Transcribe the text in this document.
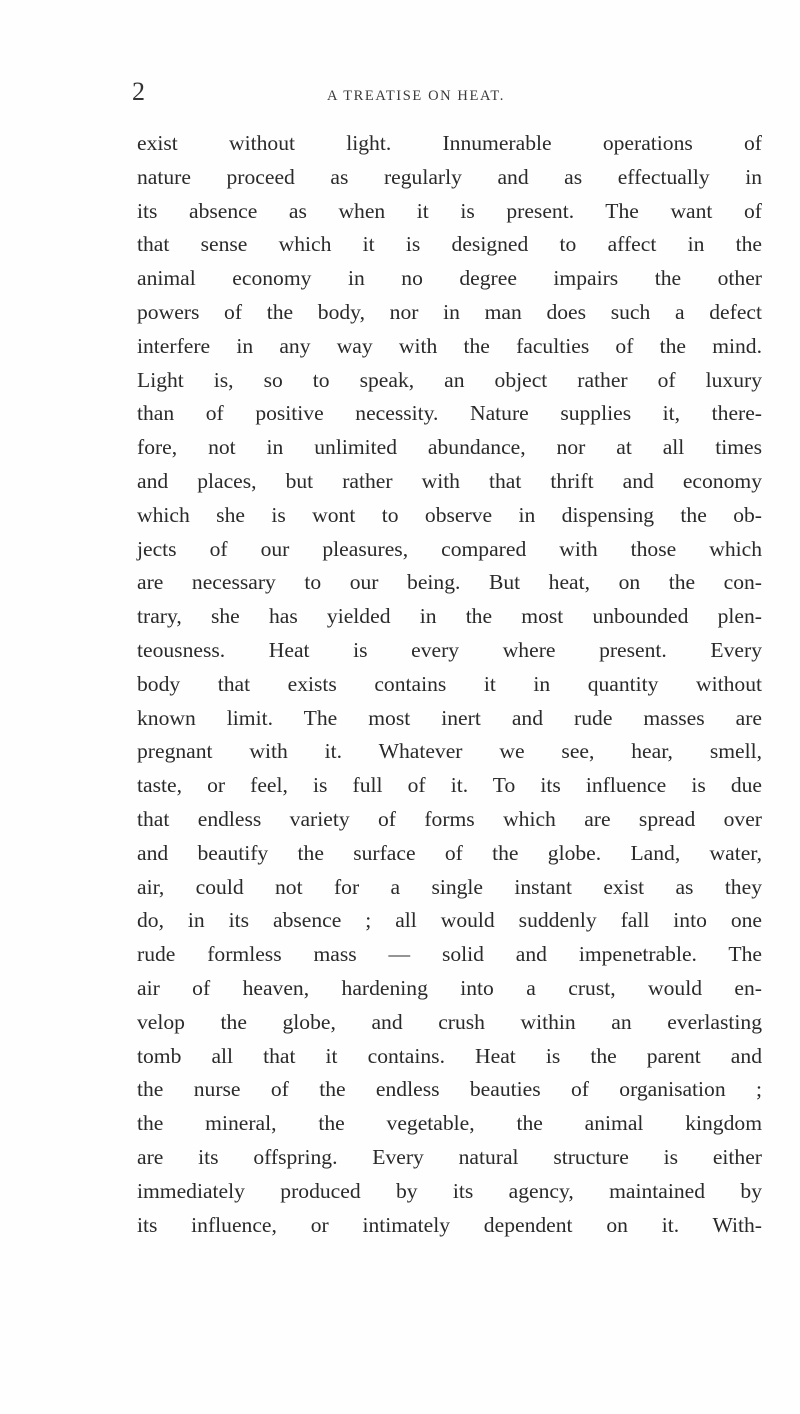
2	A TREATISE ON HEAT.
exist without light. Innumerable operations of
nature proceed as regularly and as effectually in
its absence as when it is present. The want of
that sense which it is designed to affect in the
animal economy in no degree impairs the other
powers of the body, nor in man does such a defect
interfere in any way with the faculties of the mind.
Light is, so to speak, an object rather of luxury
than of positive necessity. Nature supplies it, there-
fore, not in unlimited abundance, nor at all times
and places, but rather with that thrift and economy
which she is wont to observe in dispensing the ob-
jects of our pleasures, compared with those which
are necessary to our being. But heat, on the con-
trary, she has yielded in the most unbounded plen-
teousness. Heat is every where present. Every
body that exists contains it in quantity without
known limit. The most inert and rude masses are
pregnant with it. Whatever we see, hear, smell,
taste, or feel, is full of it. To its influence is due
that endless variety of forms which are spread over
and beautify the surface of the globe. Land, water,
air, could not for a single instant exist as they
do, in its absence ; all would suddenly fall into one
rude formless mass — solid and impenetrable. The
air of heaven, hardening into a crust, would en-
velop the globe, and crush within an everlasting
tomb all that it contains. Heat is the parent and
the nurse of the endless beauties of organisation ;
the mineral, the vegetable, the animal kingdom
are its offspring. Every natural structure is either
immediately produced by its agency, maintained by
its influence, or intimately dependent on it. With-
